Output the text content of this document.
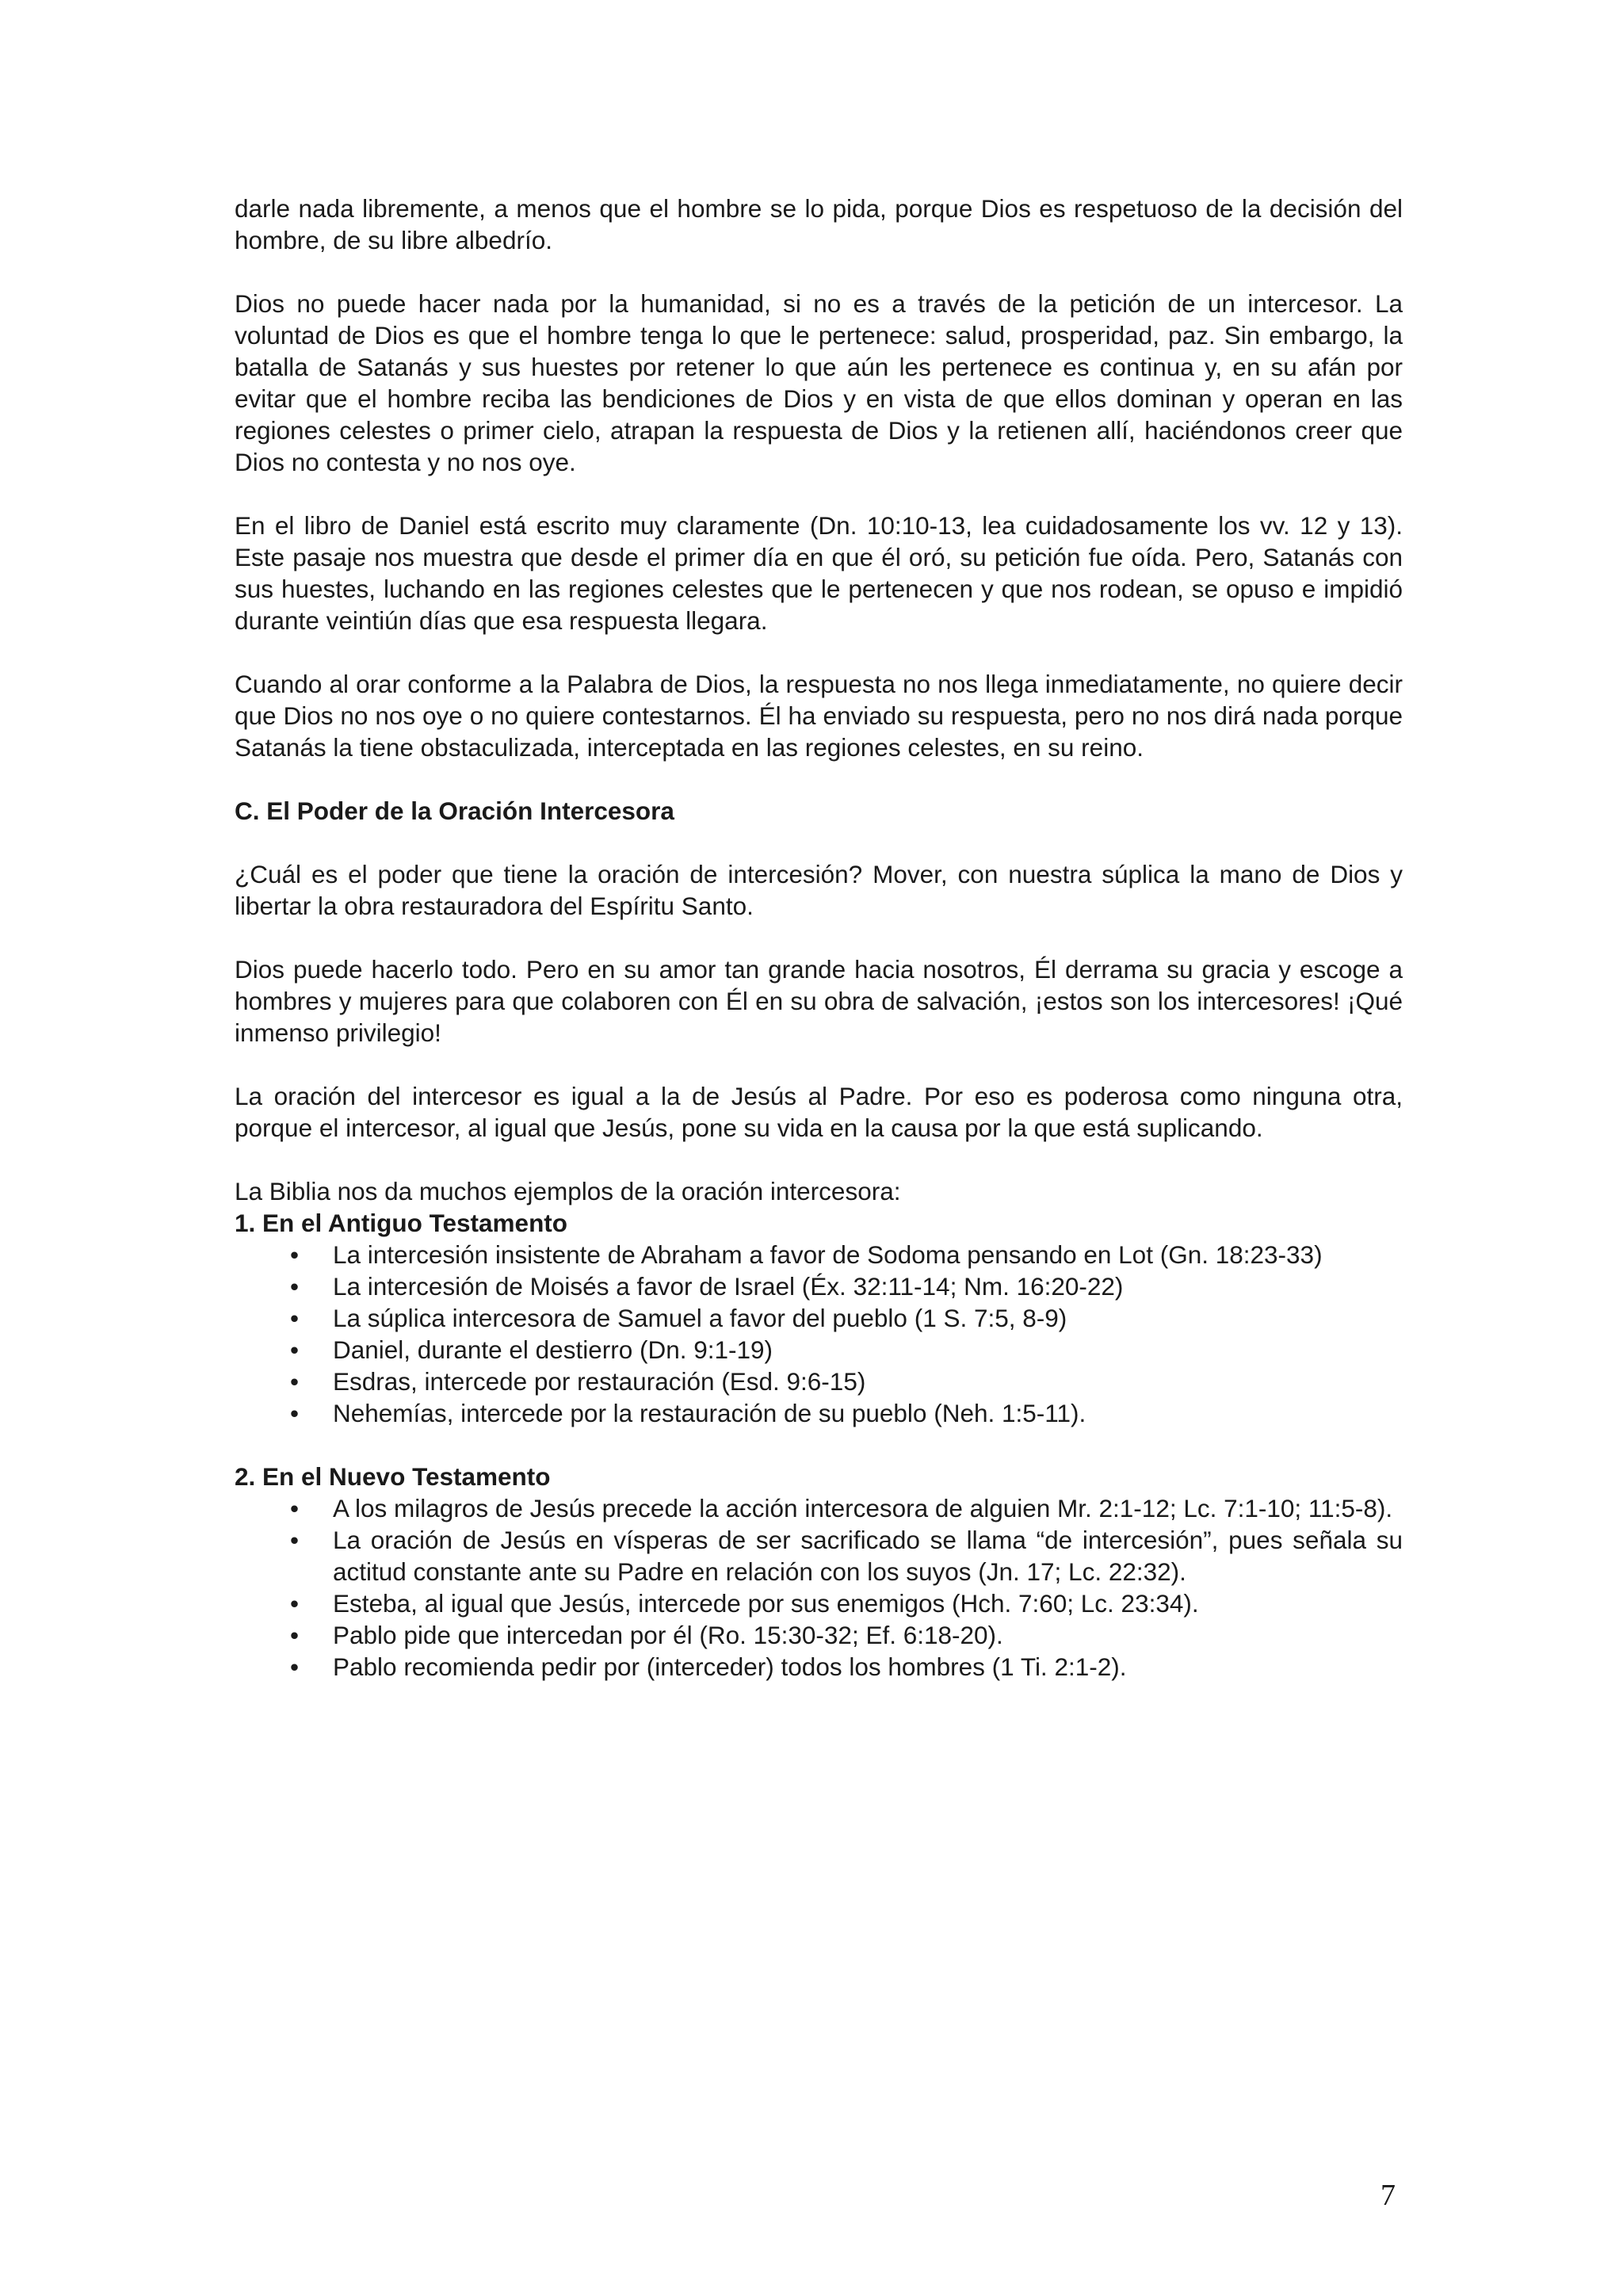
darle nada libremente, a menos que el hombre se lo pida, porque Dios es respetuoso de la decisión del hombre, de su libre albedrío.

Dios no puede hacer nada por la humanidad, si no es a través de la petición de un intercesor. La voluntad de Dios es que el hombre tenga lo que le pertenece: salud, prosperidad, paz. Sin embargo, la batalla de Satanás y sus huestes por retener lo que aún les pertenece es continua y, en su afán por evitar que el hombre reciba las bendiciones de Dios y en vista de que ellos dominan y operan en las regiones celestes o primer cielo, atrapan la respuesta de Dios y la retienen allí, haciéndonos creer que Dios no contesta y no nos oye.

En el libro de Daniel está escrito muy claramente (Dn. 10:10-13, lea cuidadosamente los vv. 12 y 13). Este pasaje nos muestra que desde el primer día en que él oró, su petición fue oída. Pero, Satanás con sus huestes, luchando en las regiones celestes que le pertenecen y que nos rodean, se opuso e impidió durante veintiún días que esa respuesta llegara.

Cuando al orar conforme a la Palabra de Dios, la respuesta no nos llega inmediatamente, no quiere decir que Dios no nos oye o no quiere contestarnos. Él ha enviado su respuesta, pero no nos dirá nada porque Satanás la tiene obstaculizada, interceptada en las regiones celestes, en su reino.

C. El Poder de la Oración Intercesora

¿Cuál es el poder que tiene la oración de intercesión? Mover, con nuestra súplica la mano de Dios y libertar la obra restauradora del Espíritu Santo.

Dios puede hacerlo todo. Pero en su amor tan grande hacia nosotros, Él derrama su gracia y escoge a hombres y mujeres para que colaboren con Él en su obra de salvación, ¡estos son los intercesores! ¡Qué inmenso privilegio!

La oración del intercesor es igual a la de Jesús al Padre. Por eso es poderosa como ninguna otra, porque el intercesor, al igual que Jesús, pone su vida en la causa por la que está suplicando.

La Biblia nos da muchos ejemplos de la oración intercesora:

1. En el Antiguo Testamento
• La intercesión insistente de Abraham a favor de Sodoma pensando en Lot (Gn. 18:23-33)
• La intercesión de Moisés a favor de Israel (Éx. 32:11-14; Nm. 16:20-22)
• La súplica intercesora de Samuel a favor del pueblo (1 S. 7:5, 8-9)
• Daniel, durante el destierro (Dn. 9:1-19)
• Esdras, intercede por restauración (Esd. 9:6-15)
• Nehemías, intercede por la restauración de su pueblo (Neh. 1:5-11).
2. En el Nuevo Testamento
• A los milagros de Jesús precede la acción intercesora de alguien Mr. 2:1-12; Lc. 7:1-10; 11:5-8).
• La oración de Jesús en vísperas de ser sacrificado se llama “de intercesión”, pues señala su actitud constante ante su Padre en relación con los suyos (Jn. 17; Lc. 22:32).
• Esteba, al igual que Jesús, intercede por sus enemigos (Hch. 7:60; Lc. 23:34).
• Pablo pide que intercedan por él (Ro. 15:30-32; Ef. 6:18-20).
• Pablo recomienda pedir por (interceder) todos los hombres (1 Ti. 2:1-2).
7
